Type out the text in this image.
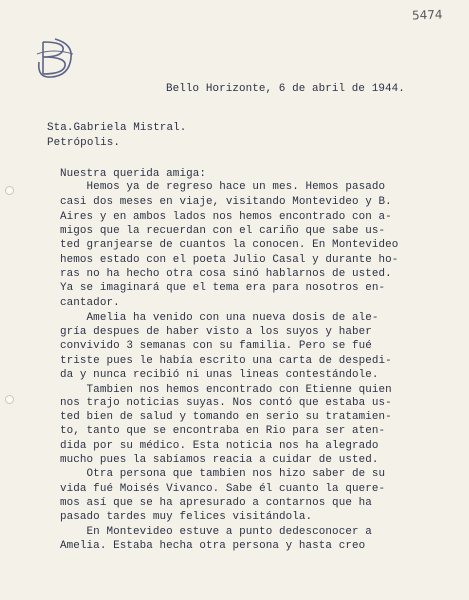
5474
Bello Horizonte, 6 de abril de 1944.
Sta.Gabriela Mistral.
Petrópolis.
Nuestra querida amiga:
Hemos ya de regreso hace un mes. Hemos pasado
casi dos meses en viaje, visitando Montevideo y B.
Aires y en ambos lados nos hemos encontrado con a-
migos que la recuerdan con el cariño que sabe us-
ted granjearse de cuantos la conocen. En Montevideo
hemos estado con el poeta Julio Casal y durante ho-
ras no ha hecho otra cosa sinó hablarnos de usted.
Ya se imaginará que el tema era para nosotros en-
cantador.
Amelia ha venido con una nueva dosis de ale-
gría despues de haber visto a los suyos y haber
convivido 3 semanas con su familia. Pero se fué
triste pues le había escrito una carta de despedi-
da y nunca recibió ni unas lineas contestándole.
Tambien nos hemos encontrado con Etienne quien
nos trajo noticias suyas. Nos contó que estaba us-
ted bien de salud y tomando en serio su tratamien-
to, tanto que se encontraba en Rio para ser aten-
dida por su médico. Esta noticia nos ha alegrado
mucho pues la sabíamos reacia a cuidar de usted.
Otra persona que tambien nos hizo saber de su
vida fué Moisés Vivanco. Sabe él cuanto la quere-
mos así que se ha apresurado a contarnos que ha
pasado tardes muy felices visitándola.
En Montevideo estuve a punto dedesconocer a
Amelia. Estaba hecha otra persona y hasta creo
